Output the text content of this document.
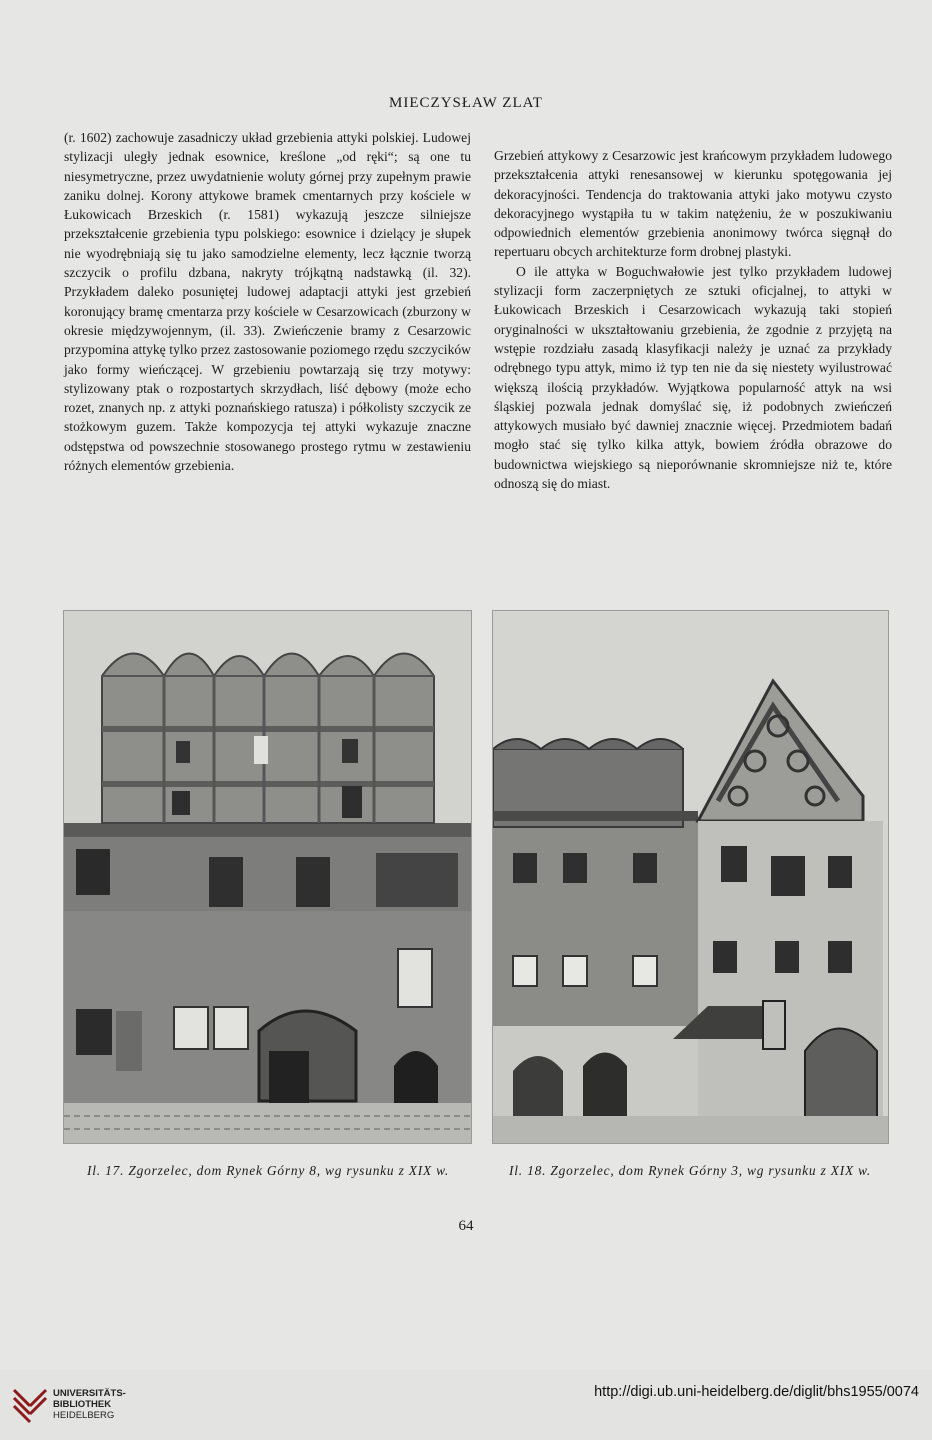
MIECZYSŁAW ZLAT

(r. 1602) zachowuje zasadniczy układ grzebienia attyki polskiej. Ludowej stylizacji uległy jednak esownice, kreślone „od ręki“; są one tu niesymetryczne, przez uwydatnienie woluty górnej przy zupełnym prawie zaniku dolnej. Korony attykowe bramek cmentarnych przy kościele w Łukowicach Brzeskich (r. 1581) wykazują jeszcze silniejsze przekształcenie grzebienia typu polskiego: esownice i dzielący je słupek nie wyodrębniają się tu jako samodzielne elementy, lecz łącznie tworzą szczycik o profilu dzbana, nakryty trójkątną nadstawką (il. 32). Przykładem daleko posuniętej ludowej adaptacji attyki jest grzebień koronujący bramę cmentarza przy kościele w Cesarzowicach (zburzony w okresie międzywojennym, (il. 33). Zwieńczenie bramy z Cesarzowic przypomina attykę tylko przez zastosowanie poziomego rzędu szczycików jako formy wieńczącej. W grzebieniu powtarzają się trzy motywy: stylizowany ptak o rozpostartych skrzydłach, liść dębowy (może echo rozet, znanych np. z attyki poznańskiego ratusza) i półkolisty szczycik ze stożkowym guzem. Także kompozycja tej attyki wykazuje znaczne odstępstwa od powszechnie stosowanego prostego rytmu w zestawieniu różnych elementów grzebienia.

Grzebień attykowy z Cesarzowic jest krańcowym przykładem ludowego przekształcenia attyki renesansowej w kierunku spotęgowania jej dekoracyjności. Tendencja do traktowania attyki jako motywu czysto dekoracyjnego wystąpiła tu w takim natężeniu, że w poszukiwaniu odpowiednich elementów grzebienia anonimowy twórca sięgnął do repertuaru obcych architekturze form drobnej plastyki.

O ile attyka w Boguchwałowie jest tylko przykładem ludowej stylizacji form zaczerpniętych ze sztuki oficjalnej, to attyki w Łukowicach Brzeskich i Cesarzowicach wykazują taki stopień oryginalności w ukształtowaniu grzebienia, że zgodnie z przyjętą na wstępie rozdziału zasadą klasyfikacji należy je uznać za przykłady odrębnego typu attyk, mimo iż typ ten nie da się niestety wyilustrować większą ilością przykładów. Wyjątkowa popularność attyk na wsi śląskiej pozwala jednak domyślać się, iż podobnych zwieńczeń attykowych musiało być dawniej znacznie więcej. Przedmiotem badań mogło stać się tylko kilka attyk, bowiem źródła obrazowe do budownictwa wiejskiego są nieporównanie skromniejsze niż te, które odnoszą się do miast.

Il. 17. Zgorzelec, dom Rynek Górny 8, wg rysunku z XIX w.	Il. 18. Zgorzelec, dom Rynek Górny 3, wg rysunku z XIX w.
64
UNIVERSITÄTS-
BIBLIOTHEK
HEIDELBERG
http://digi.ub.uni-heidelberg.de/diglit/bhs1955/0074
